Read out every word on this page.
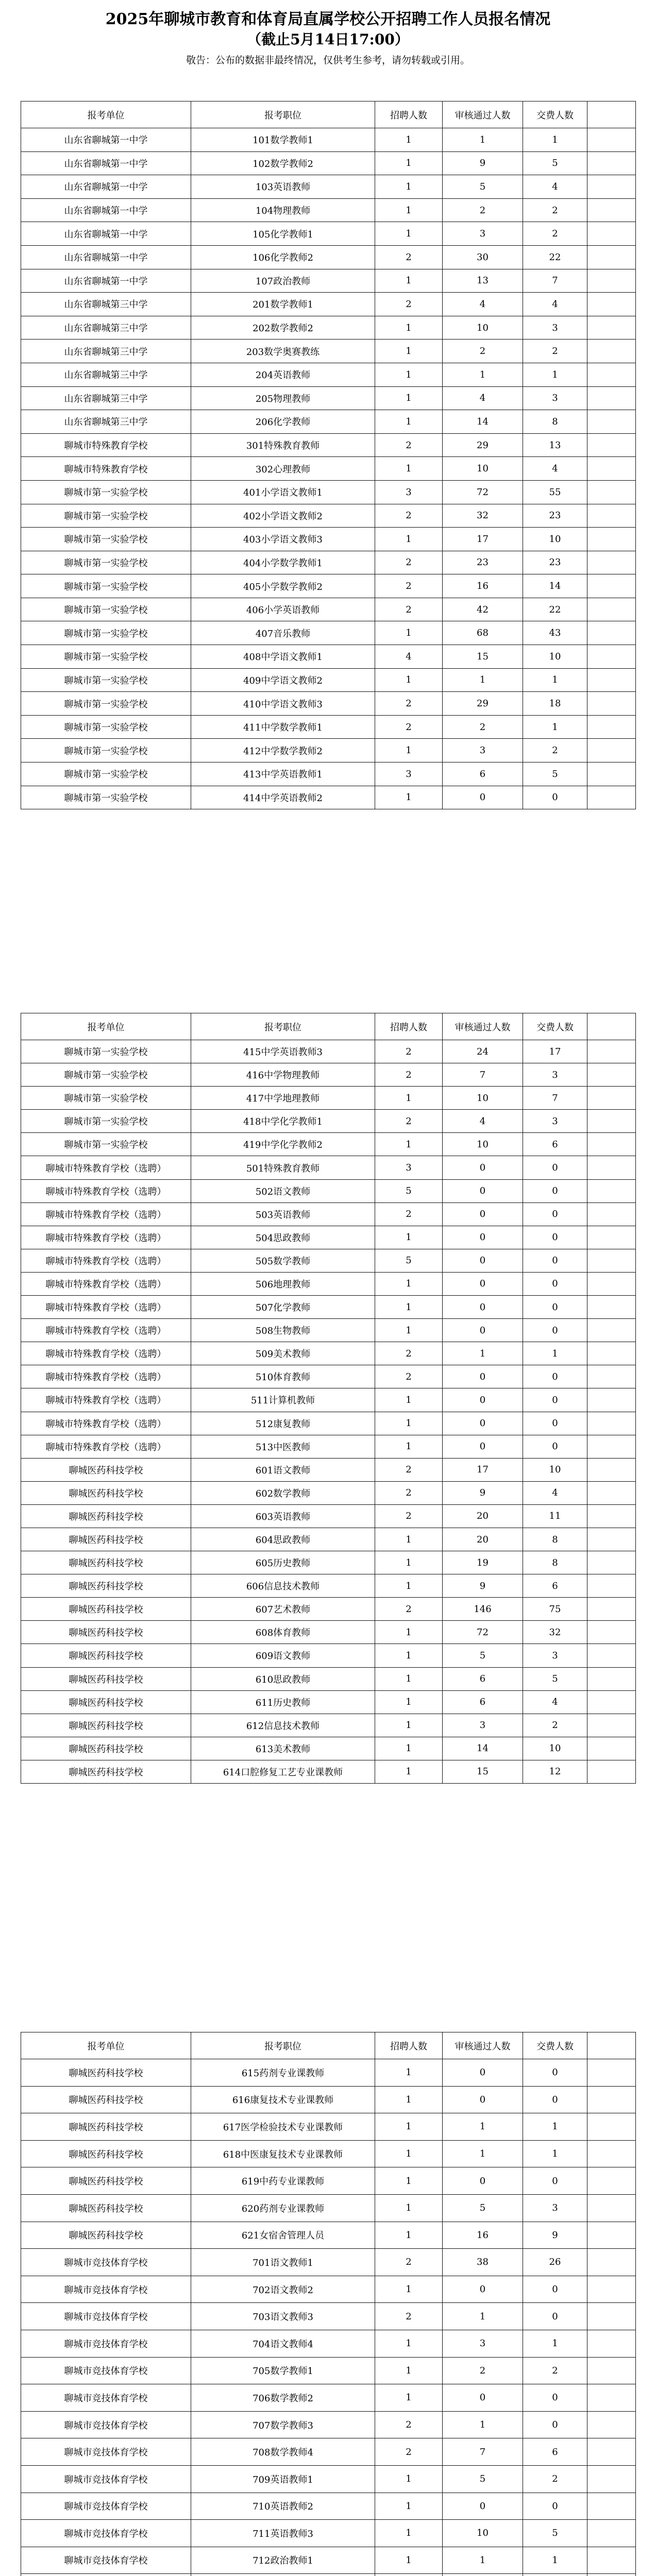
2025年聊城市教育和体育局直属学校公开招聘工作人员报名情况
（截止5月14日17:00）
敬告：公布的数据非最终情况，仅供考生参考，请勿转载或引用。
报考单位	报考职位	招聘人数	审核通过人数	交费人数	
山东省聊城第一中学	101数学教师1	1	1	1	
山东省聊城第一中学	102数学教师2	1	9	5	
山东省聊城第一中学	103英语教师	1	5	4	
山东省聊城第一中学	104物理教师	1	2	2	
山东省聊城第一中学	105化学教师1	1	3	2	
山东省聊城第一中学	106化学教师2	2	30	22	
山东省聊城第一中学	107政治教师	1	13	7	
山东省聊城第三中学	201数学教师1	2	4	4	
山东省聊城第三中学	202数学教师2	1	10	3	
山东省聊城第三中学	203数学奥赛教练	1	2	2	
山东省聊城第三中学	204英语教师	1	1	1	
山东省聊城第三中学	205物理教师	1	4	3	
山东省聊城第三中学	206化学教师	1	14	8	
聊城市特殊教育学校	301特殊教育教师	2	29	13	
聊城市特殊教育学校	302心理教师	1	10	4	
聊城市第一实验学校	401小学语文教师1	3	72	55	
聊城市第一实验学校	402小学语文教师2	2	32	23	
聊城市第一实验学校	403小学语文教师3	1	17	10	
聊城市第一实验学校	404小学数学教师1	2	23	23	
聊城市第一实验学校	405小学数学教师2	2	16	14	
聊城市第一实验学校	406小学英语教师	2	42	22	
聊城市第一实验学校	407音乐教师	1	68	43	
聊城市第一实验学校	408中学语文教师1	4	15	10	
聊城市第一实验学校	409中学语文教师2	1	1	1	
聊城市第一实验学校	410中学语文教师3	2	29	18	
聊城市第一实验学校	411中学数学教师1	2	2	1	
聊城市第一实验学校	412中学数学教师2	1	3	2	
聊城市第一实验学校	413中学英语教师1	3	6	5	
聊城市第一实验学校	414中学英语教师2	1	0	0	
报考单位	报考职位	招聘人数	审核通过人数	交费人数	
聊城市第一实验学校	415中学英语教师3	2	24	17	
聊城市第一实验学校	416中学物理教师	2	7	3	
聊城市第一实验学校	417中学地理教师	1	10	7	
聊城市第一实验学校	418中学化学教师1	2	4	3	
聊城市第一实验学校	419中学化学教师2	1	10	6	
聊城市特殊教育学校（选聘）	501特殊教育教师	3	0	0	
聊城市特殊教育学校（选聘）	502语文教师	5	0	0	
聊城市特殊教育学校（选聘）	503英语教师	2	0	0	
聊城市特殊教育学校（选聘）	504思政教师	1	0	0	
聊城市特殊教育学校（选聘）	505数学教师	5	0	0	
聊城市特殊教育学校（选聘）	506地理教师	1	0	0	
聊城市特殊教育学校（选聘）	507化学教师	1	0	0	
聊城市特殊教育学校（选聘）	508生物教师	1	0	0	
聊城市特殊教育学校（选聘）	509美术教师	2	1	1	
聊城市特殊教育学校（选聘）	510体育教师	2	0	0	
聊城市特殊教育学校（选聘）	511计算机教师	1	0	0	
聊城市特殊教育学校（选聘）	512康复教师	1	0	0	
聊城市特殊教育学校（选聘）	513中医教师	1	0	0	
聊城医药科技学校	601语文教师	2	17	10	
聊城医药科技学校	602数学教师	2	9	4	
聊城医药科技学校	603英语教师	2	20	11	
聊城医药科技学校	604思政教师	1	20	8	
聊城医药科技学校	605历史教师	1	19	8	
聊城医药科技学校	606信息技术教师	1	9	6	
聊城医药科技学校	607艺术教师	2	146	75	
聊城医药科技学校	608体育教师	1	72	32	
聊城医药科技学校	609语文教师	1	5	3	
聊城医药科技学校	610思政教师	1	6	5	
聊城医药科技学校	611历史教师	1	6	4	
聊城医药科技学校	612信息技术教师	1	3	2	
聊城医药科技学校	613美术教师	1	14	10	
聊城医药科技学校	614口腔修复工艺专业课教师	1	15	12	
报考单位	报考职位	招聘人数	审核通过人数	交费人数	
聊城医药科技学校	615药剂专业课教师	1	0	0	
聊城医药科技学校	616康复技术专业课教师	1	0	0	
聊城医药科技学校	617医学检验技术专业课教师	1	1	1	
聊城医药科技学校	618中医康复技术专业课教师	1	1	1	
聊城医药科技学校	619中药专业课教师	1	0	0	
聊城医药科技学校	620药剂专业课教师	1	5	3	
聊城医药科技学校	621女宿舍管理人员	1	16	9	
聊城市竞技体育学校	701语文教师1	2	38	26	
聊城市竞技体育学校	702语文教师2	1	0	0	
聊城市竞技体育学校	703语文教师3	2	1	0	
聊城市竞技体育学校	704语文教师4	1	3	1	
聊城市竞技体育学校	705数学教师1	1	2	2	
聊城市竞技体育学校	706数学教师2	1	0	0	
聊城市竞技体育学校	707数学教师3	2	1	0	
聊城市竞技体育学校	708数学教师4	2	7	6	
聊城市竞技体育学校	709英语教师1	1	5	2	
聊城市竞技体育学校	710英语教师2	1	0	0	
聊城市竞技体育学校	711英语教师3	1	10	5	
聊城市竞技体育学校	712政治教师1	1	1	1	
